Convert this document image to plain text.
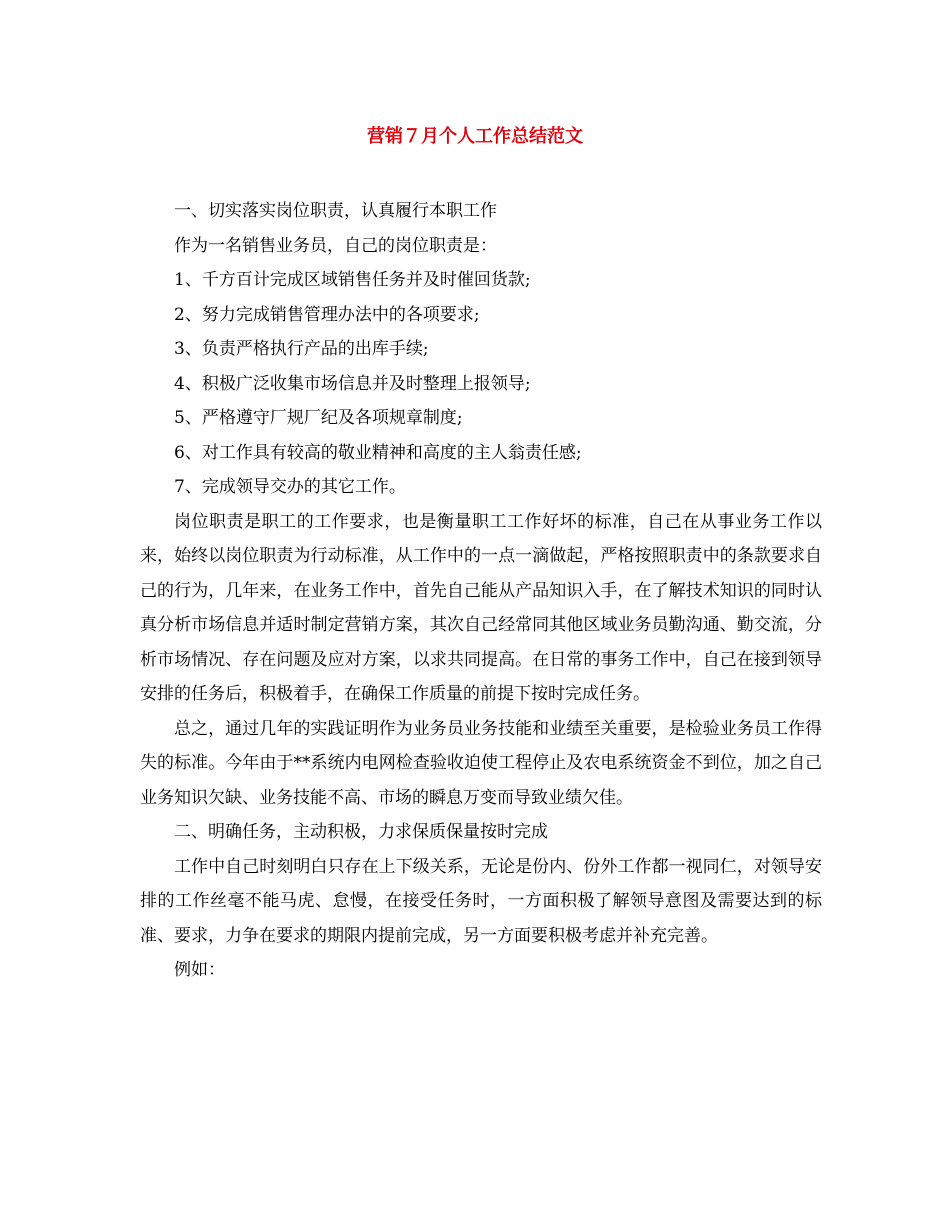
营销７月个人工作总结范文

一、切实落实岗位职责，认真履行本职工作

作为一名销售业务员，自己的岗位职责是：

1、千方百计完成区域销售任务并及时催回货款;

2、努力完成销售管理办法中的各项要求;

3、负责严格执行产品的出库手续;

4、积极广泛收集市场信息并及时整理上报领导;

5、严格遵守厂规厂纪及各项规章制度;

6、对工作具有较高的敬业精神和高度的主人翁责任感;

7、完成领导交办的其它工作。

岗位职责是职工的工作要求，也是衡量职工工作好坏的标准，自己在从事业务工作以来，始终以岗位职责为行动标准，从工作中的一点一滴做起，严格按照职责中的条款要求自己的行为，几年来，在业务工作中，首先自己能从产品知识入手，在了解技术知识的同时认真分析市场信息并适时制定营销方案，其次自己经常同其他区域业务员勤沟通、勤交流，分析市场情况、存在问题及应对方案，以求共同提高。在日常的事务工作中，自己在接到领导安排的任务后，积极着手，在确保工作质量的前提下按时完成任务。

总之，通过几年的实践证明作为业务员业务技能和业绩至关重要，是检验业务员工作得失的标准。今年由于**系统内电网检查验收迫使工程停止及农电系统资金不到位，加之自己业务知识欠缺、业务技能不高、市场的瞬息万变而导致业绩欠佳。

二、明确任务，主动积极，力求保质保量按时完成

工作中自己时刻明白只存在上下级关系，无论是份内、份外工作都一视同仁，对领导安排的工作丝毫不能马虎、怠慢，在接受任务时，一方面积极了解领导意图及需要达到的标准、要求，力争在要求的期限内提前完成，另一方面要积极考虑并补充完善。

例如：
